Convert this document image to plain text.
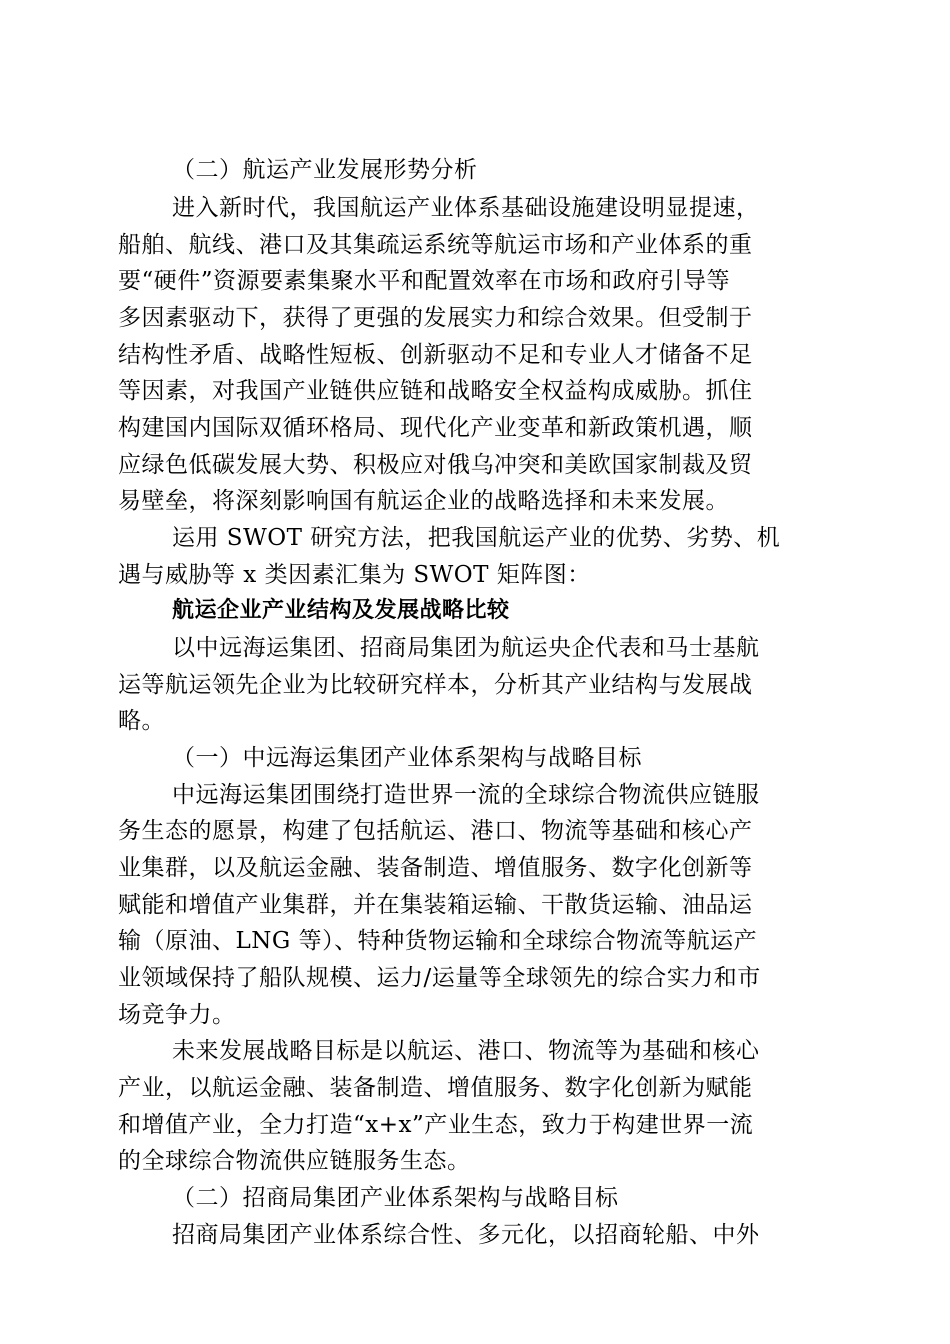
（二）航运产业发展形势分析
进入新时代，我国航运产业体系基础设施建设明显提速，
船舶、航线、港口及其集疏运系统等航运市场和产业体系的重
要“硬件”资源要素集聚水平和配置效率在市场和政府引导等
多因素驱动下，获得了更强的发展实力和综合效果。但受制于
结构性矛盾、战略性短板、创新驱动不足和专业人才储备不足
等因素，对我国产业链供应链和战略安全权益构成威胁。抓住
构建国内国际双循环格局、现代化产业变革和新政策机遇，顺
应绿色低碳发展大势、积极应对俄乌冲突和美欧国家制裁及贸
易壁垒，将深刻影响国有航运企业的战略选择和未来发展。
运用 SWOT 研究方法，把我国航运产业的优势、劣势、机
遇与威胁等 x 类因素汇集为 SWOT 矩阵图：
航运企业产业结构及发展战略比较
以中远海运集团、招商局集团为航运央企代表和马士基航
运等航运领先企业为比较研究样本，分析其产业结构与发展战
略。
（一）中远海运集团产业体系架构与战略目标
中远海运集团围绕打造世界一流的全球综合物流供应链服
务生态的愿景，构建了包括航运、港口、物流等基础和核心产
业集群，以及航运金融、装备制造、增值服务、数字化创新等
赋能和增值产业集群，并在集装箱运输、干散货运输、油品运
输（原油、LNG 等）、特种货物运输和全球综合物流等航运产
业领域保持了船队规模、运力/运量等全球领先的综合实力和市
场竞争力。
未来发展战略目标是以航运、港口、物流等为基础和核心
产业，以航运金融、装备制造、增值服务、数字化创新为赋能
和增值产业，全力打造“x+x”产业生态，致力于构建世界一流
的全球综合物流供应链服务生态。
（二）招商局集团产业体系架构与战略目标
招商局集团产业体系综合性、多元化，以招商轮船、中外
